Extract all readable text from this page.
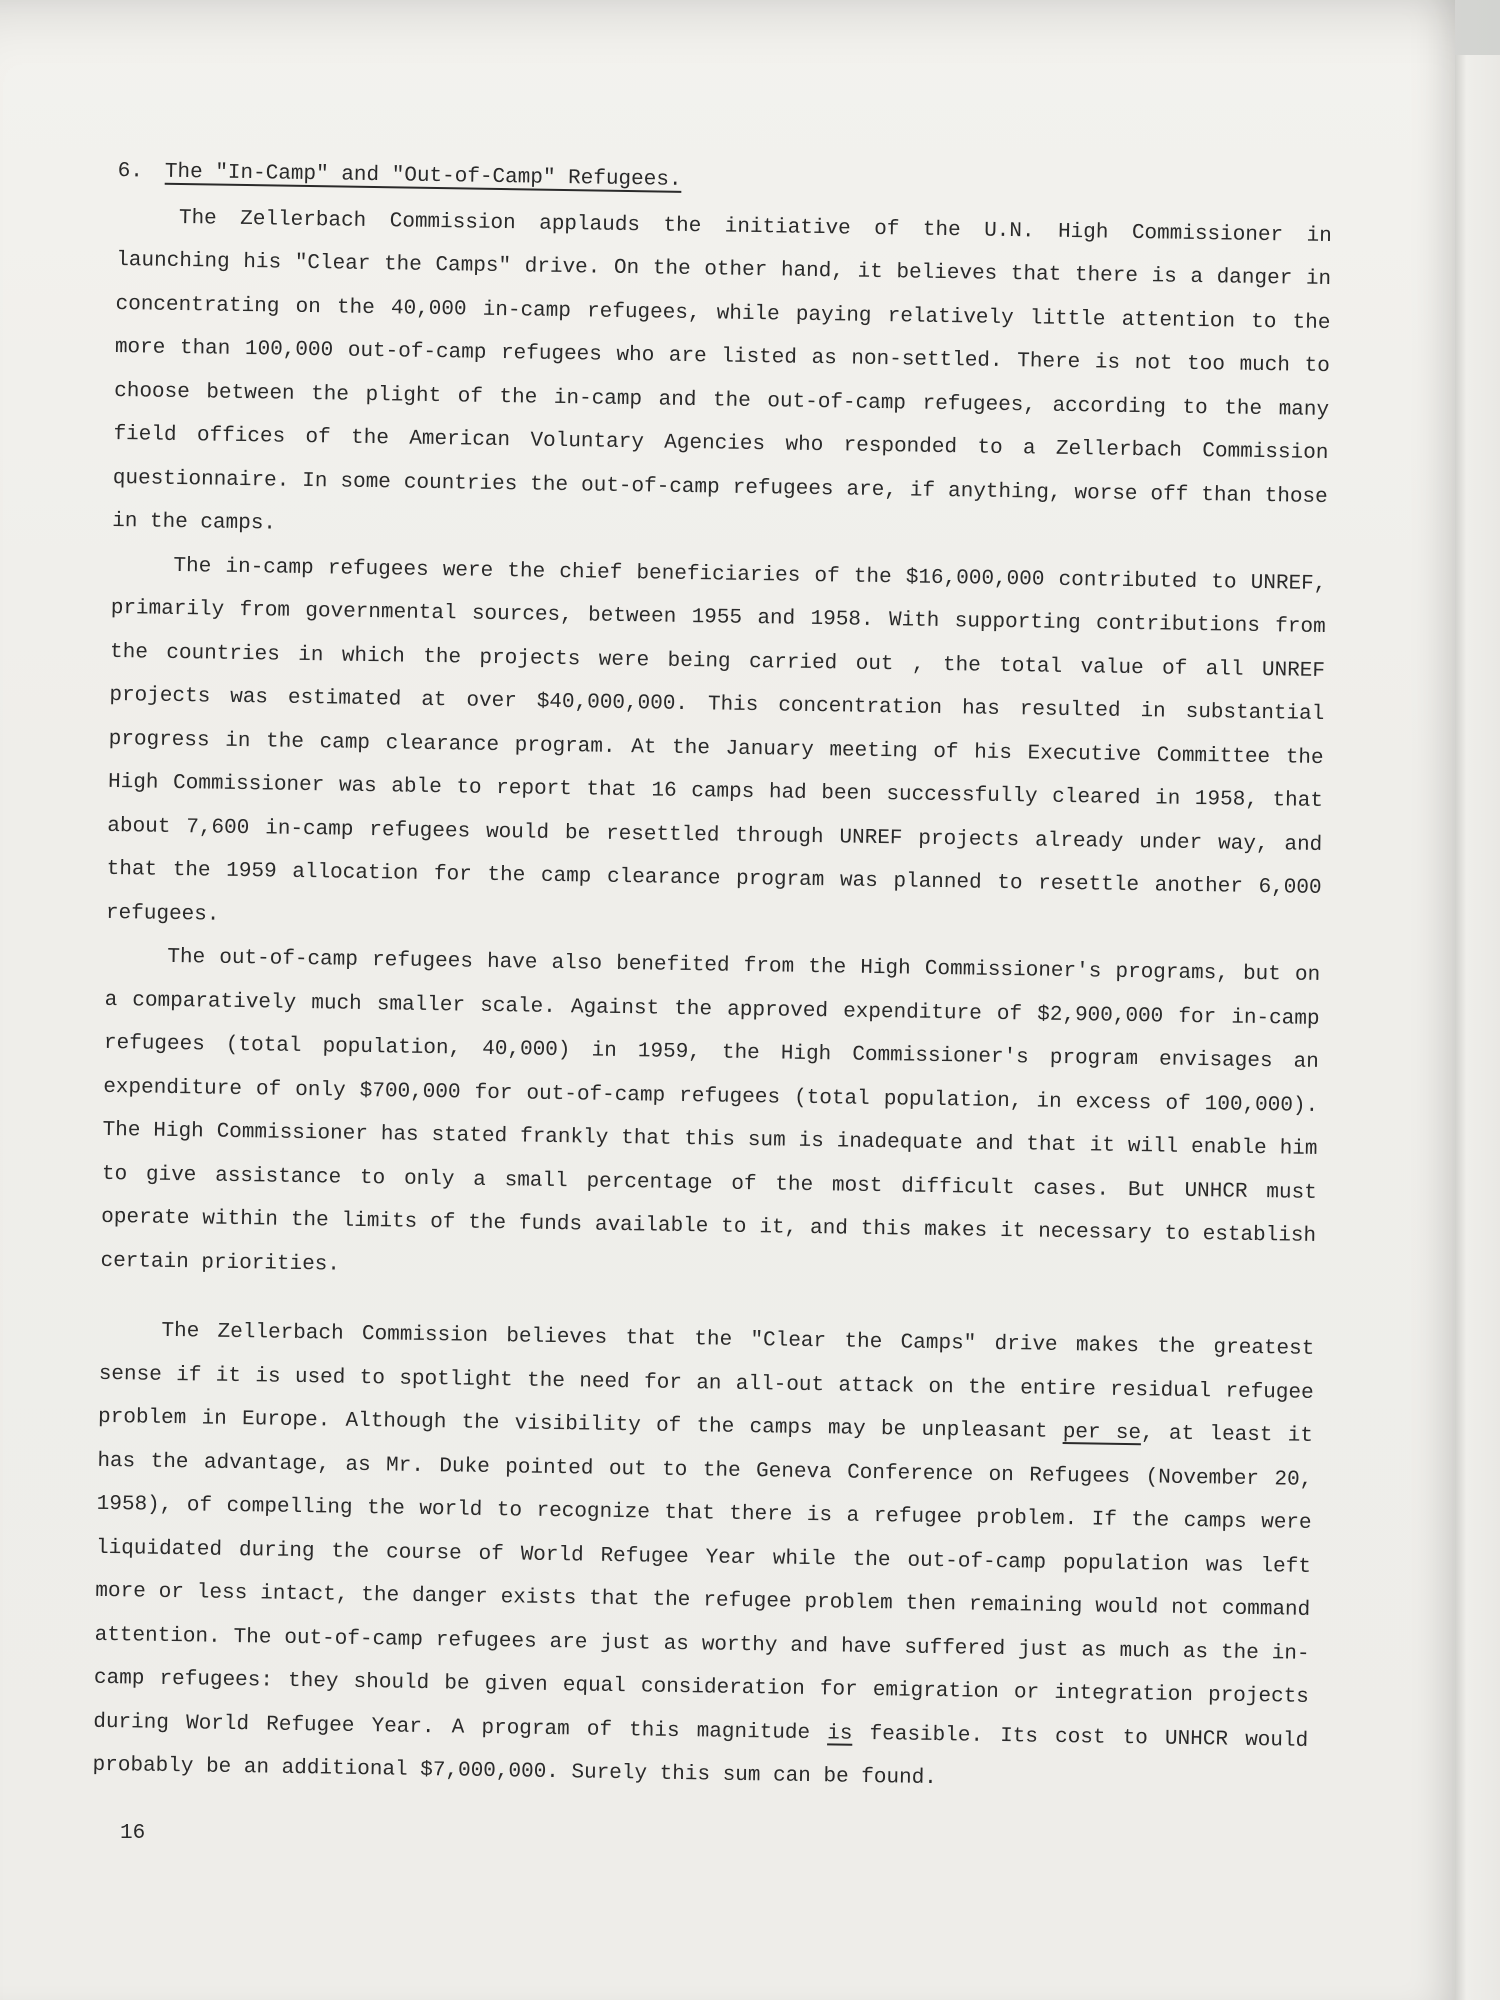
6. The "In-Camp" and "Out-of-Camp" Refugees.

The Zellerbach Commission applauds the initiative of the U.N. High Commissioner in launching his "Clear the Camps" drive. On the other hand, it believes that there is a danger in concentrating on the 40,000 in-camp refugees, while paying relatively little attention to the more than 100,000 out-of-camp refugees who are listed as non-settled. There is not too much to choose between the plight of the in-camp and the out-of-camp refugees, according to the many field offices of the American Voluntary Agencies who responded to a Zellerbach Commission questionnaire. In some countries the out-of-camp refugees are, if anything, worse off than those in the camps.

The in-camp refugees were the chief beneficiaries of the $16,000,000 contributed to UNREF, primarily from governmental sources, between 1955 and 1958. With supporting contributions from the countries in which the projects were being carried out , the total value of all UNREF projects was estimated at over $40,000,000. This concentration has resulted in substantial progress in the camp clearance program. At the January meeting of his Executive Committee the High Commissioner was able to report that 16 camps had been successfully cleared in 1958, that about 7,600 in-camp refugees would be resettled through UNREF projects already under way, and that the 1959 allocation for the camp clearance program was planned to resettle another 6,000 refugees.

The out-of-camp refugees have also benefited from the High Commissioner's programs, but on a comparatively much smaller scale. Against the approved expenditure of $2,900,000 for in-camp refugees (total population, 40,000) in 1959, the High Commissioner's program envisages an expenditure of only $700,000 for out-of-camp refugees (total population, in excess of 100,000). The High Commissioner has stated frankly that this sum is inadequate and that it will enable him to give assistance to only a small percentage of the most difficult cases. But UNHCR must operate within the limits of the funds available to it, and this makes it necessary to establish certain priorities.

The Zellerbach Commission believes that the "Clear the Camps" drive makes the greatest sense if it is used to spotlight the need for an all-out attack on the entire residual refugee problem in Europe. Although the visibility of the camps may be unpleasant per se, at least it has the advantage, as Mr. Duke pointed out to the Geneva Conference on Refugees (November 20, 1958), of compelling the world to recognize that there is a refugee problem. If the camps were liquidated during the course of World Refugee Year while the out-of-camp population was left more or less intact, the danger exists that the refugee problem then remaining would not command attention. The out-of-camp refugees are just as worthy and have suffered just as much as the in-camp refugees: they should be given equal consideration for emigration or integration projects during World Refugee Year. A program of this magnitude is feasible. Its cost to UNHCR would probably be an additional $7,000,000. Surely this sum can be found.

16
